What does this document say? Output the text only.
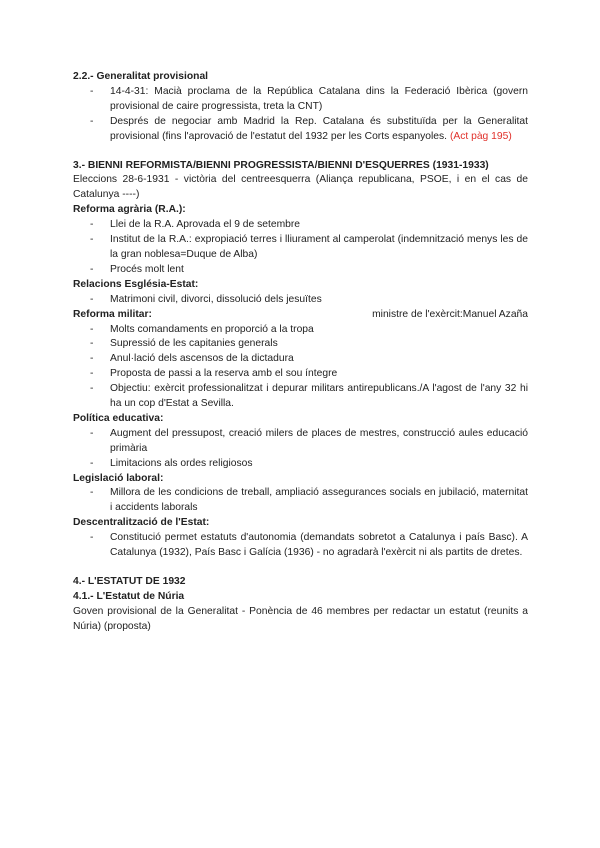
2.2.- Generalitat provisional
- 14-4-31: Macià proclama de la República Catalana dins la Federació Ibèrica (govern provisional de caire progressista, treta la CNT)
- Després de negociar amb Madrid la Rep. Catalana és substituïda per la Generalitat provisional (fins l'aprovació de l'estatut del 1932 per les Corts espanyoles. (Act pàg 195)
3.- BIENNI REFORMISTA/BIENNI PROGRESSISTA/BIENNI D'ESQUERRES (1931-1933)
Eleccions 28-6-1931 - victòria del centreesquerra (Aliança republicana, PSOE, i en el cas de Catalunya ----)
Reforma agrària (R.A.):
- Llei de la R.A. Aprovada el 9 de setembre
- Institut de la R.A.: expropiació terres i lliurament al camperolat (indemnització menys les de la gran noblesa=Duque de Alba)
- Procés molt lent
Relacions Església-Estat:
- Matrimoni civil, divorci, dissolució dels jesuïtes
Reforma militar:	ministre de l'exèrcit:Manuel Azaña
- Molts comandaments en proporció a la tropa
- Supressió de les capitanies generals
- Anul·lació dels ascensos de la dictadura
- Proposta de passi a la reserva amb el sou íntegre
- Objectiu: exèrcit professionalitzat i depurar militars antirepublicans./A l'agost de l'any 32 hi ha un cop d'Estat a Sevilla.
Política educativa:
- Augment del pressupost, creació milers de places de mestres, construcció aules educació primària
- Limitacions als ordes religiosos
Legislació laboral:
- Millora de les condicions de treball, ampliació assegurances socials en jubilació, maternitat i accidents laborals
Descentralització de l'Estat:
- Constitució permet estatuts d'autonomia (demandats sobretot a Catalunya i país Basc). A Catalunya (1932), País Basc i Galícia (1936) - no agradarà l'exèrcit ni als partits de dretes.
4.- L'ESTATUT DE 1932
4.1.- L'Estatut de Núria
Goven provisional de la Generalitat - Ponència de 46 membres per redactar un estatut (reunits a Núria) (proposta)
